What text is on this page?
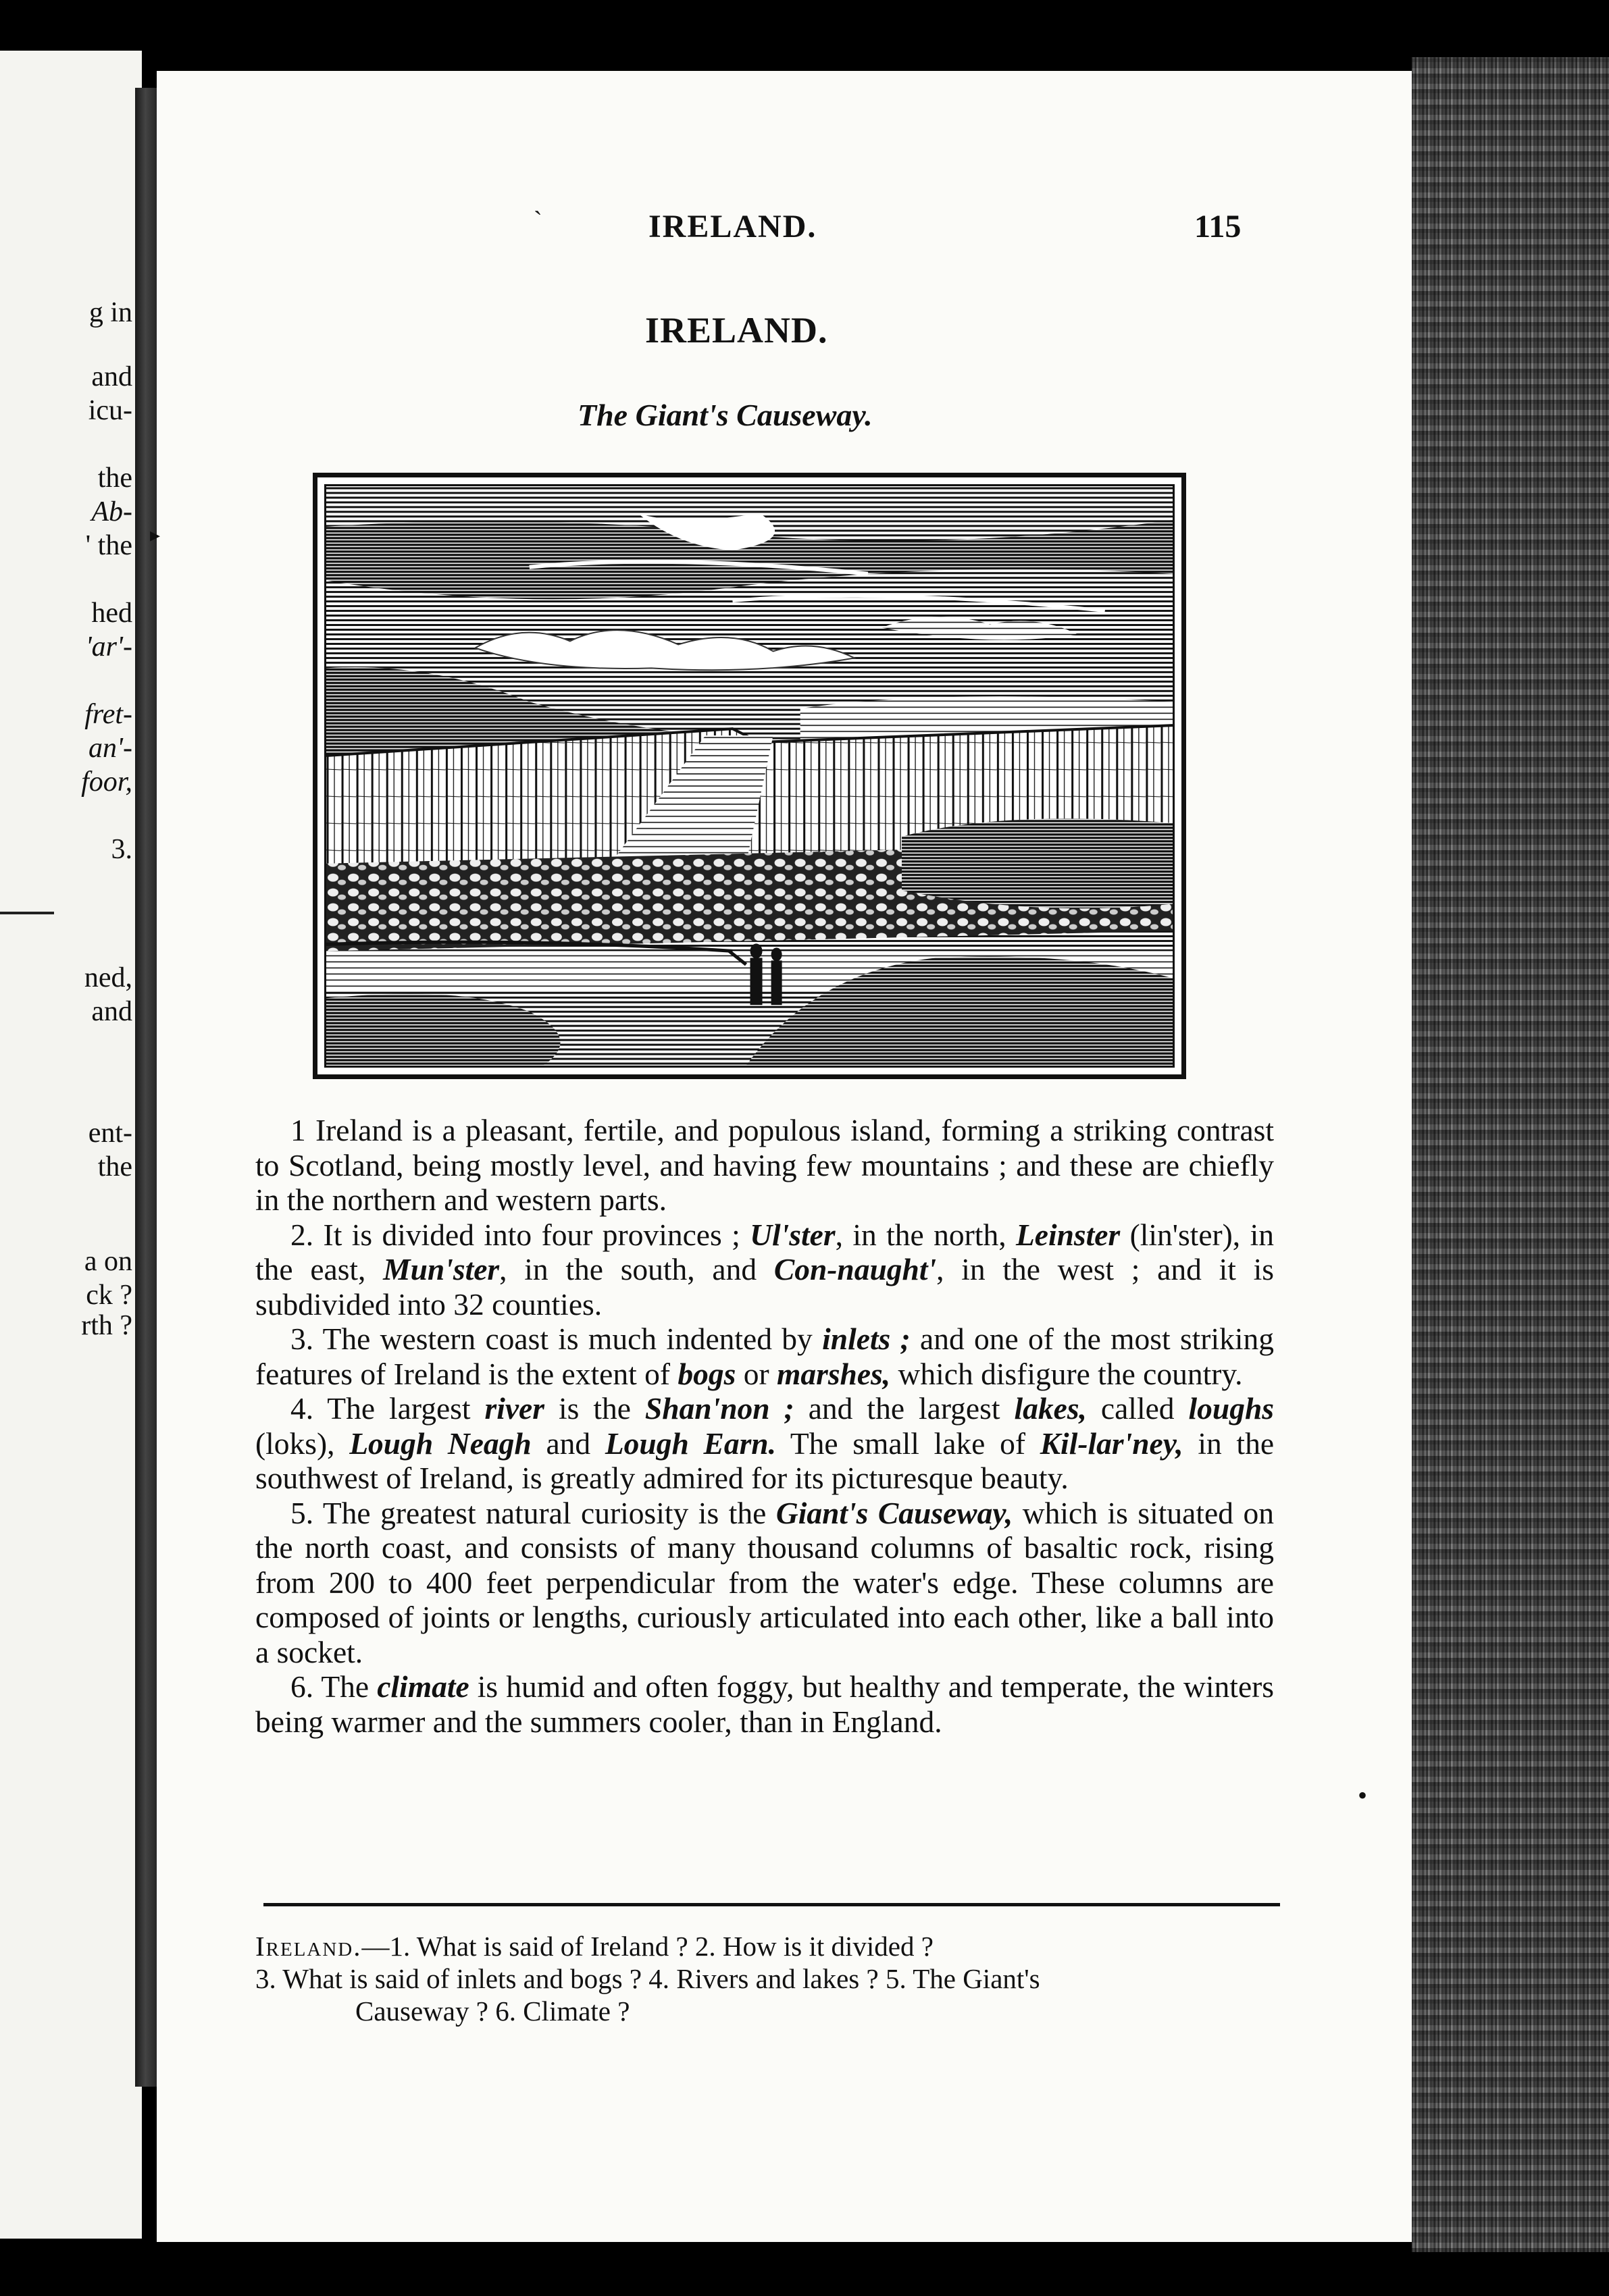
g in
and
icu-
the
Ab-
' the
hed
'ar'-
fret-
an'-
foor,
3.
ned,
and
ent-
the
a on
ck ?
rth ?
▸
ˋ	IRELAND.	115
IRELAND.
The Giant's Causeway.

1 Ireland is a pleasant, fertile, and populous island, forming a striking contrast to Scotland, being mostly level, and having few mountains ; and these are chiefly in the northern and western parts.

2. It is divided into four provinces ; Ul'ster, in the north, Leinster (lin'ster), in the east, Mun'ster, in the south, and Con-naught', in the west ; and it is subdivided into 32 counties.

3. The western coast is much indented by inlets ; and one of the most striking features of Ireland is the extent of bogs or marshes, which disfigure the country.

4. The largest river is the Shan'non ; and the largest lakes, called loughs (loks), Lough Neagh and Lough Earn. The small lake of Kil-lar'ney, in the southwest of Ireland, is greatly admired for its picturesque beauty.

5. The greatest natural curiosity is the Giant's Causeway, which is situated on the north coast, and consists of many thousand columns of basaltic rock, rising from 200 to 400 feet perpendicular from the water's edge. These columns are composed of joints or lengths, curiously articulated into each other, like a ball into a socket.

6. The climate is humid and often foggy, but healthy and temperate, the winters being warmer and the summers cooler, than in England.

Ireland.—1. What is said of Ireland ? 2. How is it divided ?
3. What is said of inlets and bogs ? 4. Rivers and lakes ? 5. The Giant's
Causeway ? 6. Climate ?
•
